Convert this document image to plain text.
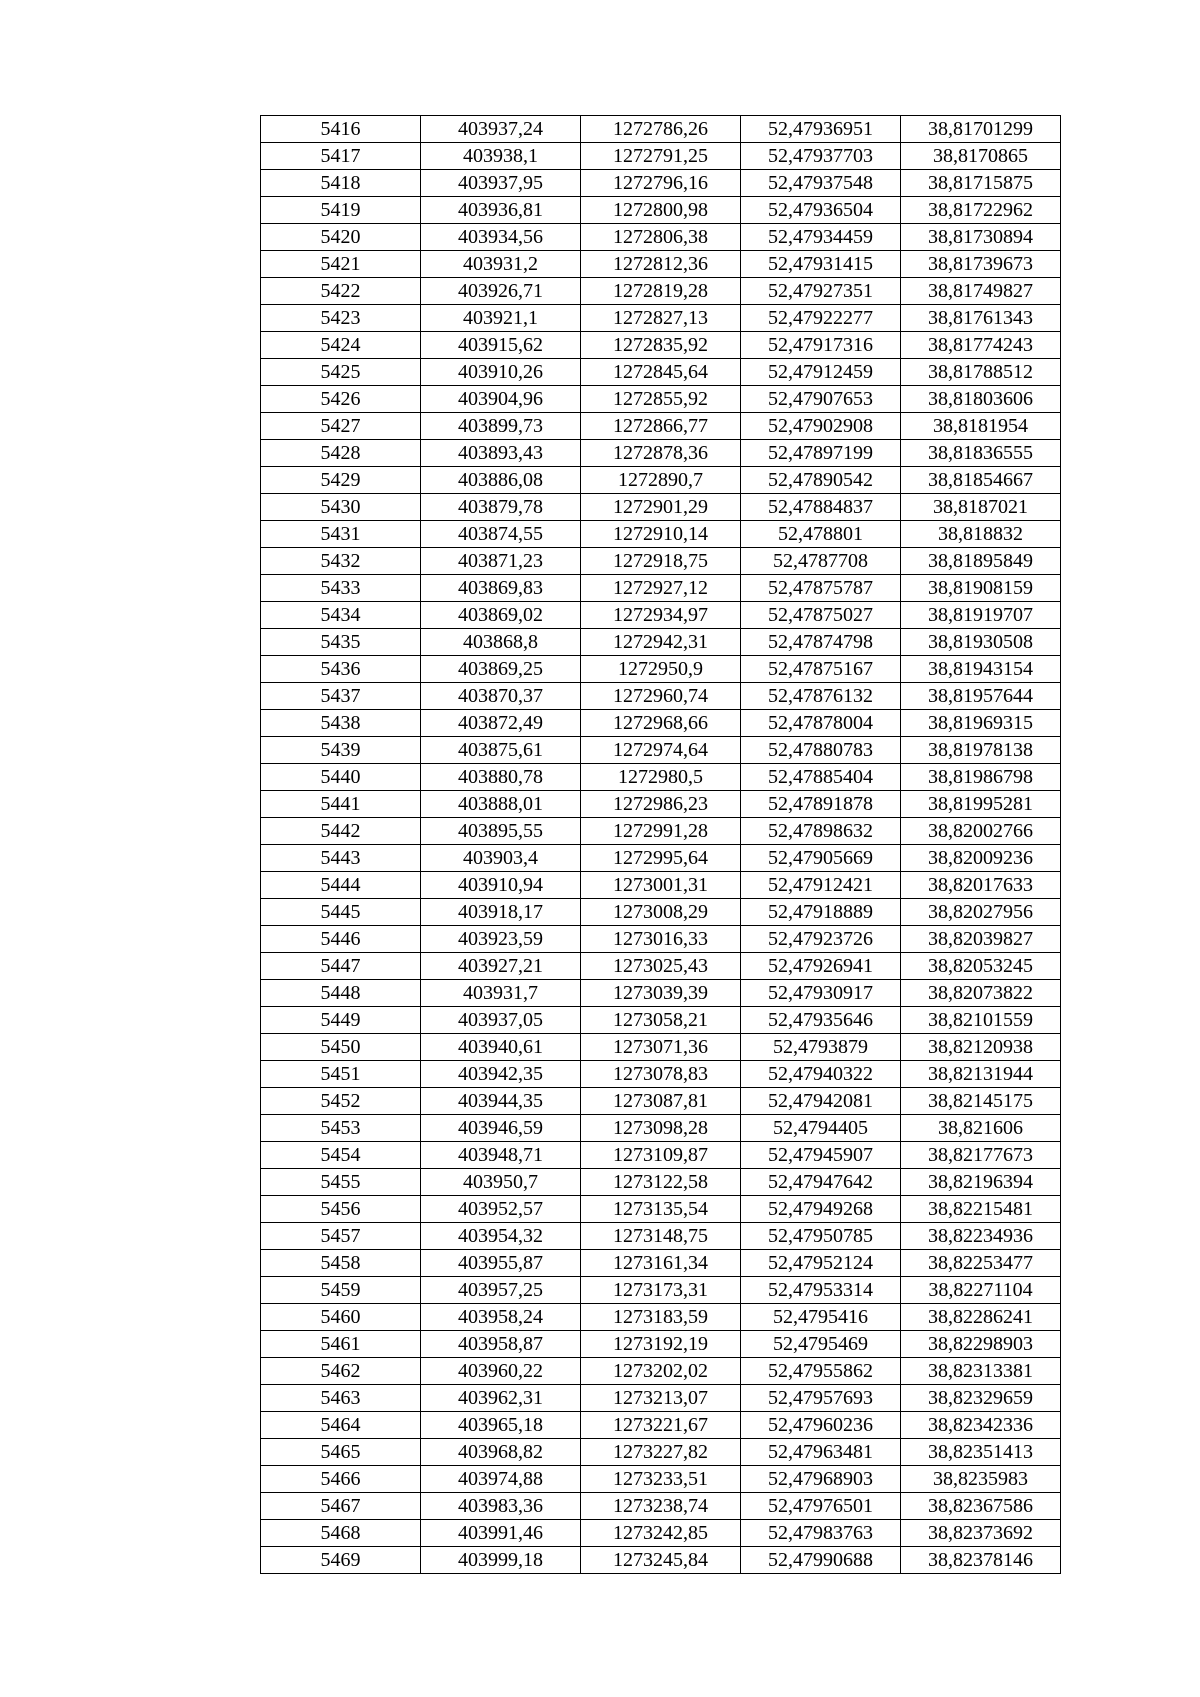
5416	403937,24	1272786,26	52,47936951	38,81701299
5417	403938,1	1272791,25	52,47937703	38,8170865
5418	403937,95	1272796,16	52,47937548	38,81715875
5419	403936,81	1272800,98	52,47936504	38,81722962
5420	403934,56	1272806,38	52,47934459	38,81730894
5421	403931,2	1272812,36	52,47931415	38,81739673
5422	403926,71	1272819,28	52,47927351	38,81749827
5423	403921,1	1272827,13	52,47922277	38,81761343
5424	403915,62	1272835,92	52,47917316	38,81774243
5425	403910,26	1272845,64	52,47912459	38,81788512
5426	403904,96	1272855,92	52,47907653	38,81803606
5427	403899,73	1272866,77	52,47902908	38,8181954
5428	403893,43	1272878,36	52,47897199	38,81836555
5429	403886,08	1272890,7	52,47890542	38,81854667
5430	403879,78	1272901,29	52,47884837	38,8187021
5431	403874,55	1272910,14	52,478801	38,818832
5432	403871,23	1272918,75	52,4787708	38,81895849
5433	403869,83	1272927,12	52,47875787	38,81908159
5434	403869,02	1272934,97	52,47875027	38,81919707
5435	403868,8	1272942,31	52,47874798	38,81930508
5436	403869,25	1272950,9	52,47875167	38,81943154
5437	403870,37	1272960,74	52,47876132	38,81957644
5438	403872,49	1272968,66	52,47878004	38,81969315
5439	403875,61	1272974,64	52,47880783	38,81978138
5440	403880,78	1272980,5	52,47885404	38,81986798
5441	403888,01	1272986,23	52,47891878	38,81995281
5442	403895,55	1272991,28	52,47898632	38,82002766
5443	403903,4	1272995,64	52,47905669	38,82009236
5444	403910,94	1273001,31	52,47912421	38,82017633
5445	403918,17	1273008,29	52,47918889	38,82027956
5446	403923,59	1273016,33	52,47923726	38,82039827
5447	403927,21	1273025,43	52,47926941	38,82053245
5448	403931,7	1273039,39	52,47930917	38,82073822
5449	403937,05	1273058,21	52,47935646	38,82101559
5450	403940,61	1273071,36	52,4793879	38,82120938
5451	403942,35	1273078,83	52,47940322	38,82131944
5452	403944,35	1273087,81	52,47942081	38,82145175
5453	403946,59	1273098,28	52,4794405	38,821606
5454	403948,71	1273109,87	52,47945907	38,82177673
5455	403950,7	1273122,58	52,47947642	38,82196394
5456	403952,57	1273135,54	52,47949268	38,82215481
5457	403954,32	1273148,75	52,47950785	38,82234936
5458	403955,87	1273161,34	52,47952124	38,82253477
5459	403957,25	1273173,31	52,47953314	38,82271104
5460	403958,24	1273183,59	52,4795416	38,82286241
5461	403958,87	1273192,19	52,4795469	38,82298903
5462	403960,22	1273202,02	52,47955862	38,82313381
5463	403962,31	1273213,07	52,47957693	38,82329659
5464	403965,18	1273221,67	52,47960236	38,82342336
5465	403968,82	1273227,82	52,47963481	38,82351413
5466	403974,88	1273233,51	52,47968903	38,8235983
5467	403983,36	1273238,74	52,47976501	38,82367586
5468	403991,46	1273242,85	52,47983763	38,82373692
5469	403999,18	1273245,84	52,47990688	38,82378146
